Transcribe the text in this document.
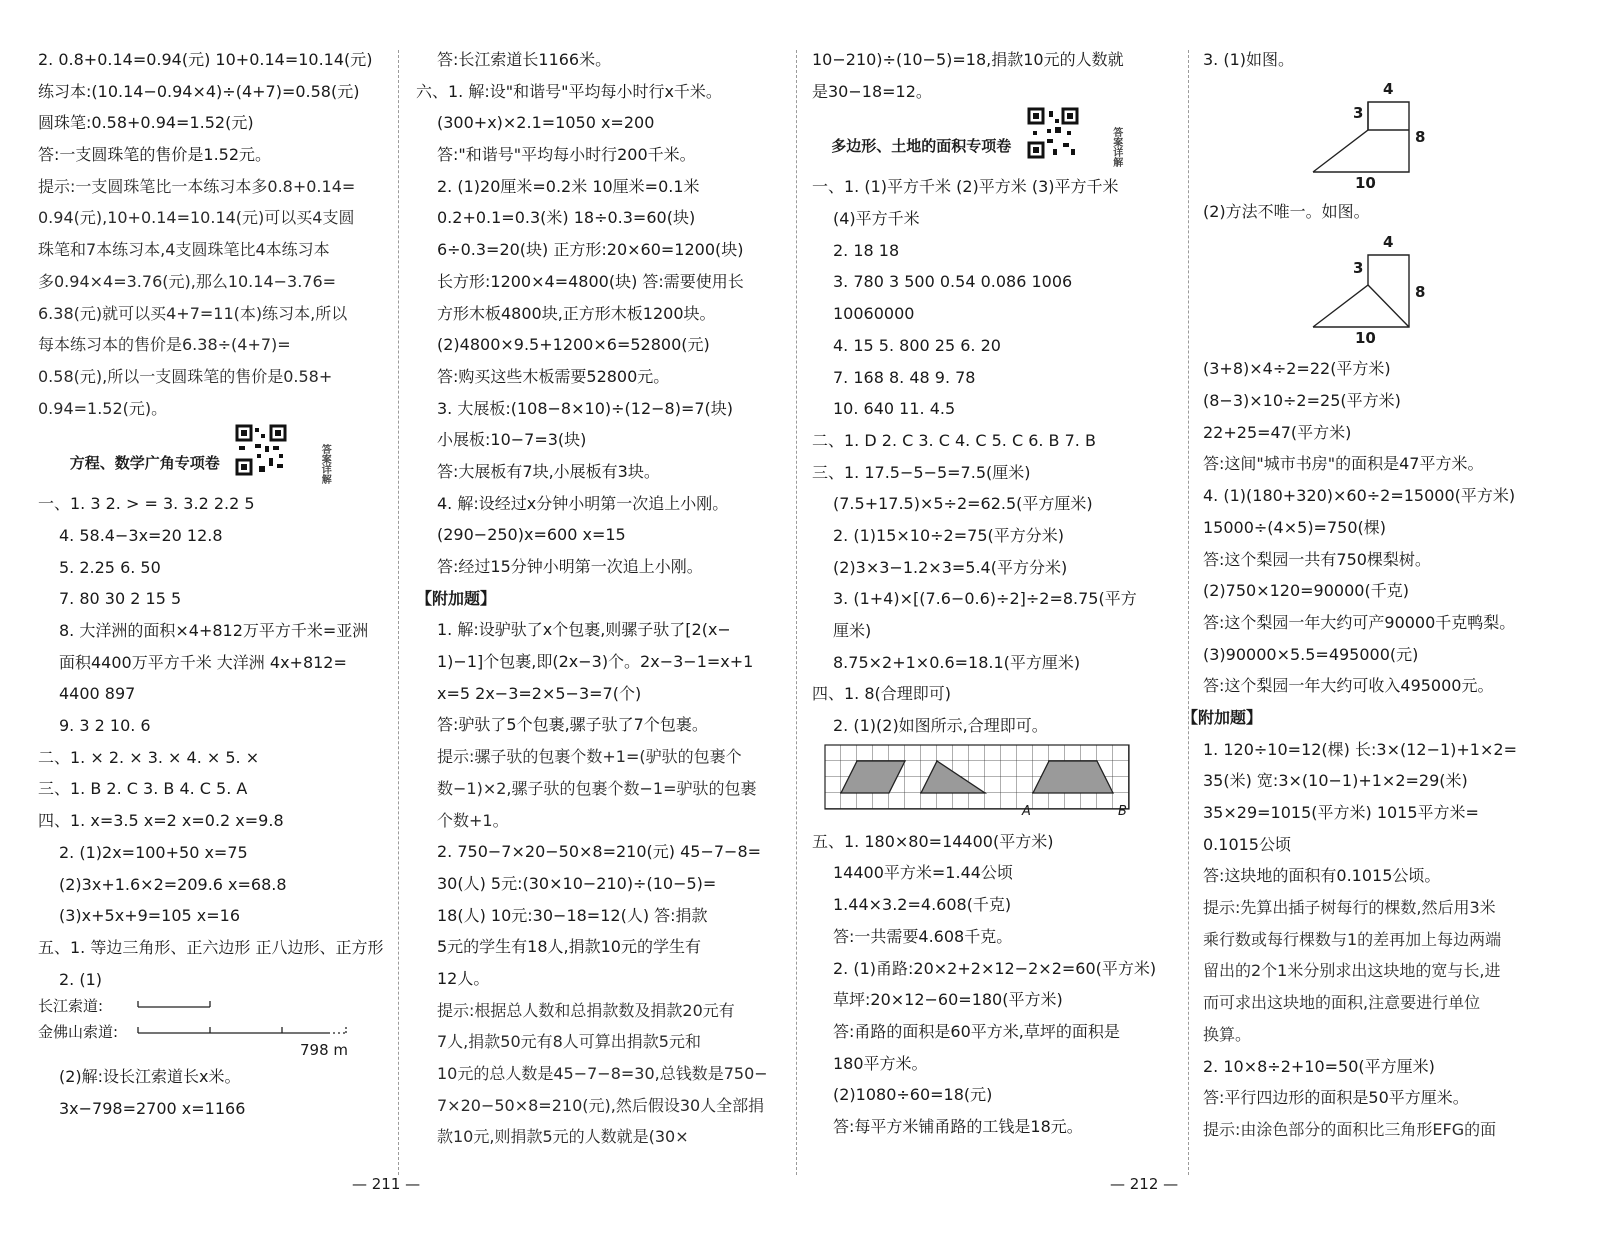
2. 0.8+0.14=0.94(元) 10+0.14=10.14(元)
练习本:(10.14−0.94×4)÷(4+7)=0.58(元)
圆珠笔:0.58+0.94=1.52(元)
答:一支圆珠笔的售价是1.52元。
提示:一支圆珠笔比一本练习本多0.8+0.14=
0.94(元),10+0.14=10.14(元)可以买4支圆
珠笔和7本练习本,4支圆珠笔比4本练习本
多0.94×4=3.76(元),那么10.14−3.76=
6.38(元)就可以买4+7=11(本)练习本,所以
每本练习本的售价是6.38÷(4+7)=
0.58(元),所以一支圆珠笔的售价是0.58+
0.94=1.52(元)。
方程、数学广角专项卷	答案详解
一、1. 3 2. > = 3. 3.2 2.2 5
4. 58.4−3x=20 12.8
5. 2.25 6. 50
7. 80 30 2 15 5
8. 大洋洲的面积×4+812万平方千米=亚洲
面积4400万平方千米 大洋洲 4x+812=
4400 897
9. 3 2 10. 6
二、1. × 2. × 3. × 4. × 5. ×
三、1. B 2. C 3. B 4. C 5. A
四、1. x=3.5 x=2 x=0.2 x=9.8
2. (1)2x=100+50 x=75
(2)3x+1.6×2=209.6 x=68.8
(3)x+5x+9=105 x=16
五、1. 等边三角形、正六边形 正八边形、正方形
2. (1)
长江索道:
金佛山索道:
798 m
(2)解:设长江索道长x米。
3x−798=2700 x=1166
答:长江索道长1166米。
六、1. 解:设"和谐号"平均每小时行x千米。
(300+x)×2.1=1050 x=200
答:"和谐号"平均每小时行200千米。
2. (1)20厘米=0.2米 10厘米=0.1米
0.2+0.1=0.3(米) 18÷0.3=60(块)
6÷0.3=20(块) 正方形:20×60=1200(块)
长方形:1200×4=4800(块) 答:需要使用长
方形木板4800块,正方形木板1200块。
(2)4800×9.5+1200×6=52800(元)
答:购买这些木板需要52800元。
3. 大展板:(108−8×10)÷(12−8)=7(块)
小展板:10−7=3(块)
答:大展板有7块,小展板有3块。
4. 解:设经过x分钟小明第一次追上小刚。
(290−250)x=600 x=15
答:经过15分钟小明第一次追上小刚。
【附加题】
1. 解:设驴驮了x个包裹,则骡子驮了[2(x−
1)−1]个包裹,即(2x−3)个。2x−3−1=x+1
x=5 2x−3=2×5−3=7(个)
答:驴驮了5个包裹,骡子驮了7个包裹。
提示:骡子驮的包裹个数+1=(驴驮的包裹个
数−1)×2,骡子驮的包裹个数−1=驴驮的包裹
个数+1。
2. 750−7×20−50×8=210(元) 45−7−8=
30(人) 5元:(30×10−210)÷(10−5)=
18(人) 10元:30−18=12(人) 答:捐款
5元的学生有18人,捐款10元的学生有
12人。
提示:根据总人数和总捐款数及捐款20元有
7人,捐款50元有8人可算出捐款5元和
10元的总人数是45−7−8=30,总钱数是750−
7×20−50×8=210(元),然后假设30人全部捐
款10元,则捐款5元的人数就是(30×
10−210)÷(10−5)=18,捐款10元的人数就
是30−18=12。
多边形、土地的面积专项卷	答案详解
一、1. (1)平方千米 (2)平方米 (3)平方千米
(4)平方千米
2. 18 18
3. 780 3 500 0.54 0.086 1006
10060000
4. 15 5. 800 25 6. 20
7. 168 8. 48 9. 78
10. 640 11. 4.5
二、1. D 2. C 3. C 4. C 5. C 6. B 7. B
三、1. 17.5−5−5=7.5(厘米)
(7.5+17.5)×5÷2=62.5(平方厘米)
2. (1)15×10÷2=75(平方分米)
(2)3×3−1.2×3=5.4(平方分米)
3. (1+4)×[(7.6−0.6)÷2]÷2=8.75(平方
厘米)
8.75×2+1×0.6=18.1(平方厘米)
四、1. 8(合理即可)
2. (1)(2)如图所示,合理即可。
A	B
五、1. 180×80=14400(平方米)
14400平方米=1.44公顷
1.44×3.2=4.608(千克)
答:一共需要4.608千克。
2. (1)甬路:20×2+2×12−2×2=60(平方米)
草坪:20×12−60=180(平方米)
答:甬路的面积是60平方米,草坪的面积是
180平方米。
(2)1080÷60=18(元)
答:每平方米铺甬路的工钱是18元。
3. (1)如图。
4
3
8
10
(2)方法不唯一。如图。
4
3
8
10
(3+8)×4÷2=22(平方米)
(8−3)×10÷2=25(平方米)
22+25=47(平方米)
答:这间"城市书房"的面积是47平方米。
4. (1)(180+320)×60÷2=15000(平方米)
15000÷(4×5)=750(棵)
答:这个梨园一共有750棵梨树。
(2)750×120=90000(千克)
答:这个梨园一年大约可产90000千克鸭梨。
(3)90000×5.5=495000(元)
答:这个梨园一年大约可收入495000元。
【附加题】
1. 120÷10=12(棵) 长:3×(12−1)+1×2=
35(米) 宽:3×(10−1)+1×2=29(米)
35×29=1015(平方米) 1015平方米=
0.1015公顷
答:这块地的面积有0.1015公顷。
提示:先算出插子树每行的棵数,然后用3米
乘行数或每行棵数与1的差再加上每边两端
留出的2个1米分别求出这块地的宽与长,进
而可求出这块地的面积,注意要进行单位
换算。
2. 10×8÷2+10=50(平方厘米)
答:平行四边形的面积是50平方厘米。
提示:由涂色部分的面积比三角形EFG的面
— 211 —	— 212 —
